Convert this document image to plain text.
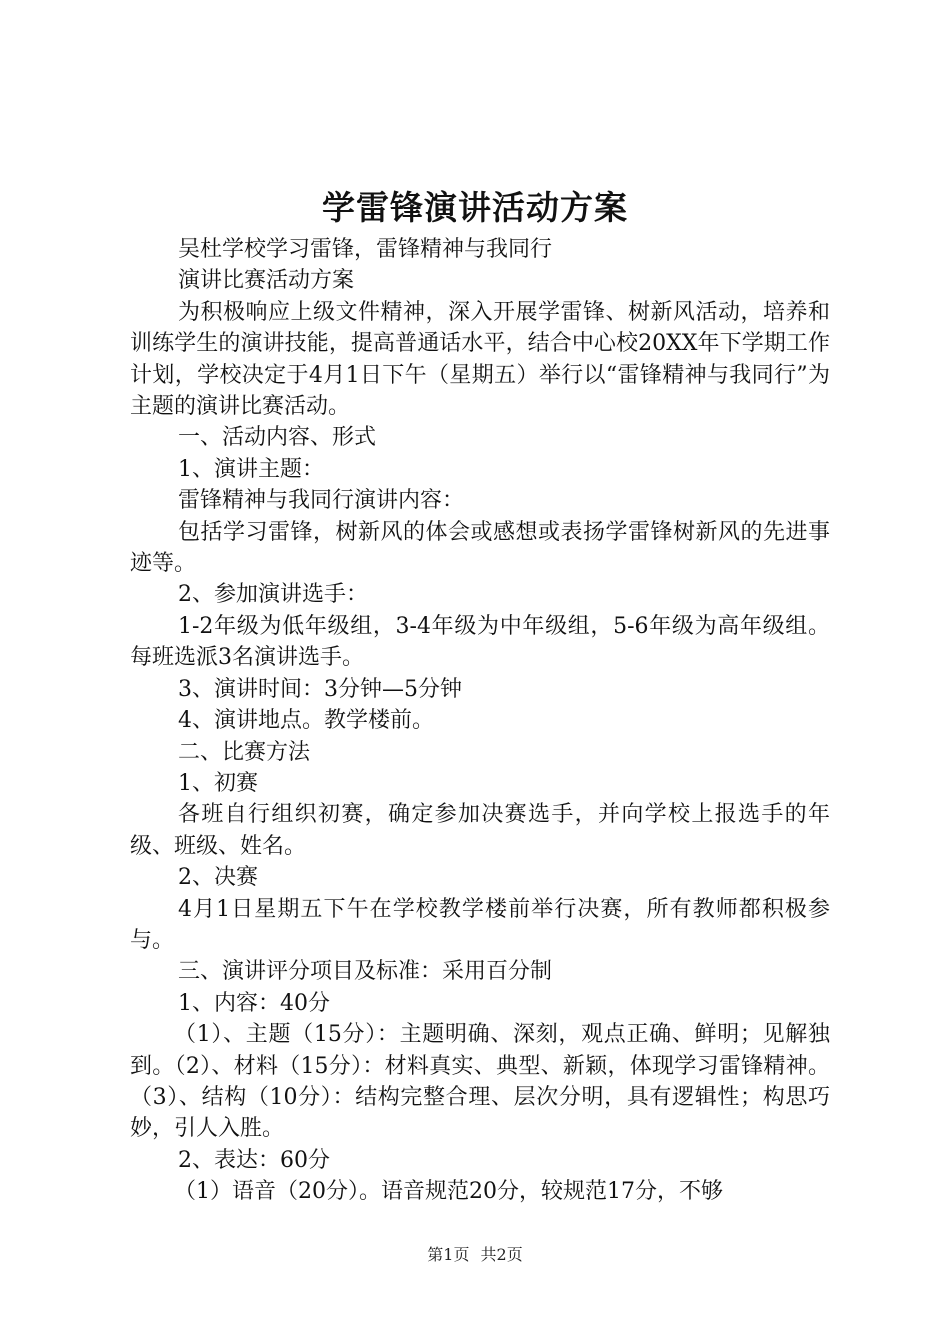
学雷锋演讲活动方案

吴杜学校学习雷锋，雷锋精神与我同行

演讲比赛活动方案

为积极响应上级文件精神，深入开展学雷锋、树新风活动，培养和训练学生的演讲技能，提高普通话水平，结合中心校20XX年下学期工作计划，学校决定于4月1日下午（星期五）举行以“雷锋精神与我同行”为主题的演讲比赛活动。

一、活动内容、形式

1、演讲主题：

雷锋精神与我同行演讲内容：

包括学习雷锋，树新风的体会或感想或表扬学雷锋树新风的先进事迹等。

2、参加演讲选手：

1-2年级为低年级组，3-4年级为中年级组，5-6年级为高年级组。每班选派3名演讲选手。

3、演讲时间：3分钟—5分钟

4、演讲地点。教学楼前。

二、比赛方法

1、初赛

各班自行组织初赛，确定参加决赛选手，并向学校上报选手的年级、班级、姓名。

2、决赛

4月1日星期五下午在学校教学楼前举行决赛，所有教师都积极参与。

三、演讲评分项目及标准：采用百分制

1、内容：40分

（1）、主题（15分）：主题明确、深刻，观点正确、鲜明；见解独到。（2）、材料（15分）：材料真实、典型、新颖，体现学习雷锋精神。（3）、结构（10分）：结构完整合理、层次分明，具有逻辑性；构思巧妙，引人入胜。

2、表达：60分

（1）语音（20分）。语音规范20分，较规范17分，不够

第1页 共2页
